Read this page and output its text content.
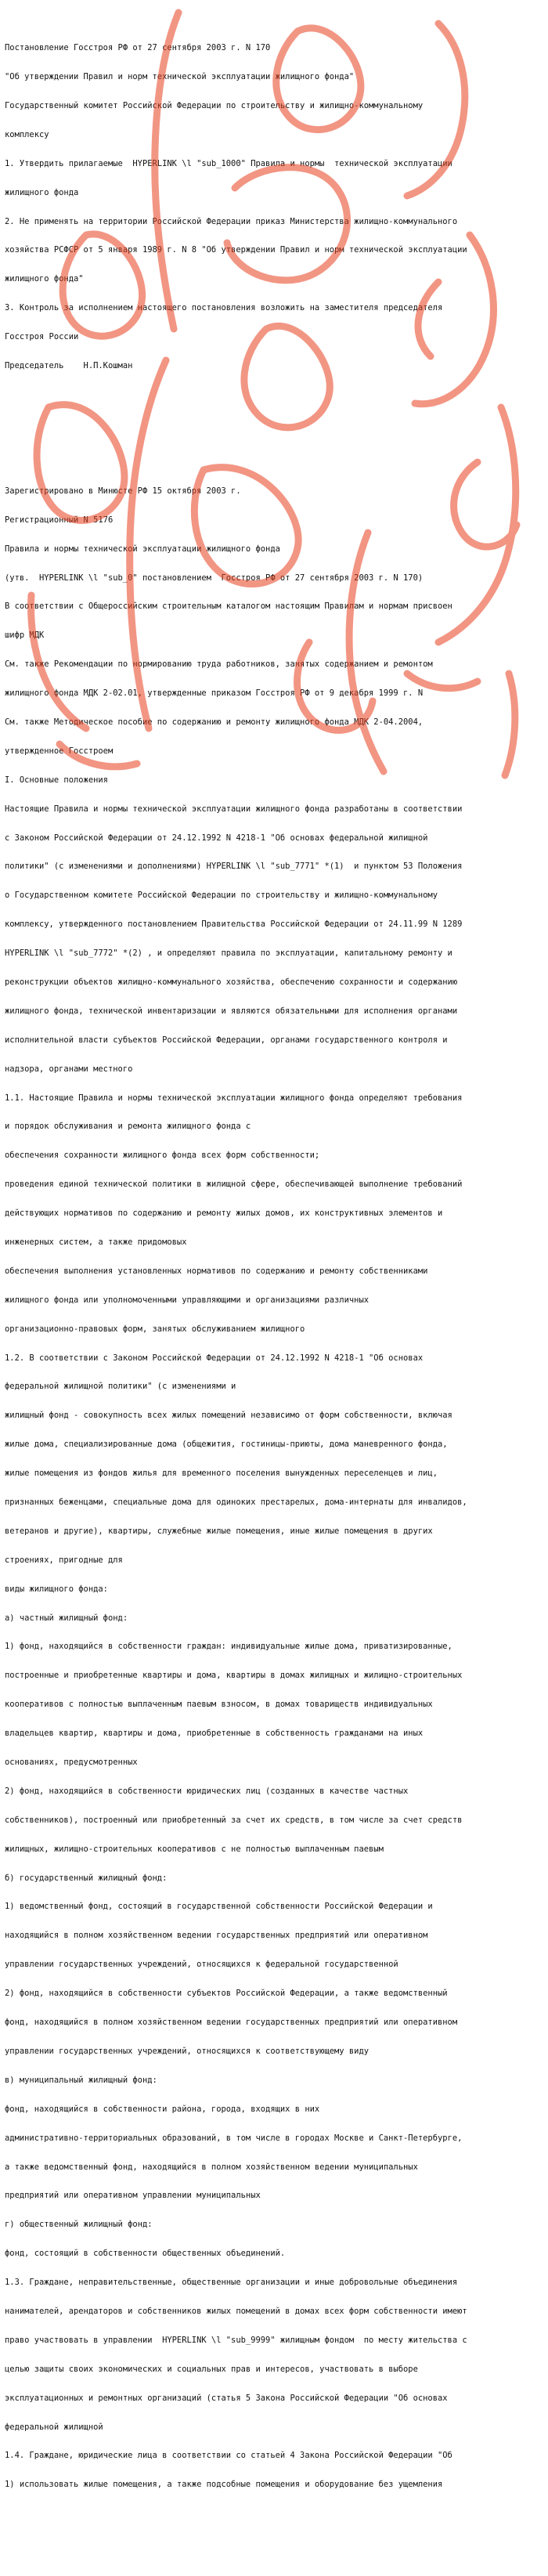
Постановление Госстроя РФ от 27 сентября 2003 г. N 170

"Об утверждении Правил и норм технической эксплуатации жилищного фонда"

Государственный комитет Российской Федерации по строительству и жилищно-коммунальному

комплексу

1. Утвердить прилагаемые  HYPERLINK \l "sub_1000" Правила и нормы  технической эксплуатации

жилищного фонда

2. Не применять на территории Российской Федерации приказ Министерства жилищно-коммунального

хозяйства РСФСР от 5 января 1989 г. N 8 "Об утверждении Правил и норм технической эксплуатации

жилищного фонда"

3. Контроль за исполнением настоящего постановления возложить на заместителя председателя

Госстроя России

Председатель	Н.П.Кошман

Зарегистрировано в Минюсте РФ 15 октября 2003 г.

Регистрационный N 5176

Правила и нормы технической эксплуатации жилищного фонда

(утв.  HYPERLINK \l "sub_0" постановлением  Госстроя РФ от 27 сентября 2003 г. N 170)

В соответствии с Общероссийским строительным каталогом настоящим Правилам и нормам присвоен

шифр МДК

См. также Рекомендации по нормированию труда работников, занятых содержанием и ремонтом

жилищного фонда МДК 2-02.01, утвержденные приказом Госстроя РФ от 9 декабря 1999 г. N

См. также Методическое пособие по содержанию и ремонту жилищного фонда МДК 2-04.2004,

утвержденное Госстроем

I. Основные положения

Настоящие Правила и нормы технической эксплуатации жилищного фонда разработаны в соответствии

с Законом Российской Федерации от 24.12.1992 N 4218-1 "Об основах федеральной жилищной

политики" (с изменениями и дополнениями) HYPERLINK \l "sub_7771" *(1)  и пунктом 53 Положения

о Государственном комитете Российской Федерации по строительству и жилищно-коммунальному

комплексу, утвержденного постановлением Правительства Российской Федерации от 24.11.99 N 1289

HYPERLINK \l "sub_7772" *(2) , и определяют правила по эксплуатации, капитальному ремонту и

реконструкции объектов жилищно-коммунального хозяйства, обеспечению сохранности и содержанию

жилищного фонда, технической инвентаризации и являются обязательными для исполнения органами

исполнительной власти субъектов Российской Федерации, органами государственного контроля и

надзора, органами местного

1.1. Настоящие Правила и нормы технической эксплуатации жилищного фонда определяют требования

и порядок обслуживания и ремонта жилищного фонда с

обеспечения сохранности жилищного фонда всех форм собственности;

проведения единой технической политики в жилищной сфере, обеспечивающей выполнение требований

действующих нормативов по содержанию и ремонту жилых домов, их конструктивных элементов и

инженерных систем, а также придомовых

обеспечения выполнения установленных нормативов по содержанию и ремонту собственниками

жилищного фонда или уполномоченными управляющими и организациями различных

организационно-правовых форм, занятых обслуживанием жилищного

1.2. В соответствии с Законом Российской Федерации от 24.12.1992 N 4218-1 "Об основах

федеральной жилищной политики" (с изменениями и

жилищный фонд - совокупность всех жилых помещений независимо от форм собственности, включая

жилые дома, специализированные дома (общежития, гостиницы-приюты, дома маневренного фонда,

жилые помещения из фондов жилья для временного поселения вынужденных переселенцев и лиц,

признанных беженцами, специальные дома для одиноких престарелых, дома-интернаты для инвалидов,

ветеранов и другие), квартиры, служебные жилые помещения, иные жилые помещения в других

строениях, пригодные для

виды жилищного фонда:

а) частный жилищный фонд:

1) фонд, находящийся в собственности граждан: индивидуальные жилые дома, приватизированные,

построенные и приобретенные квартиры и дома, квартиры в домах жилищных и жилищно-строительных

кооперативов с полностью выплаченным паевым взносом, в домах товариществ индивидуальных

владельцев квартир, квартиры и дома, приобретенные в собственность гражданами на иных

основаниях, предусмотренных

2) фонд, находящийся в собственности юридических лиц (созданных в качестве частных

собственников), построенный или приобретенный за счет их средств, в том числе за счет средств

жилищных, жилищно-строительных кооперативов с не полностью выплаченным паевым

б) государственный жилищный фонд:

1) ведомственный фонд, состоящий в государственной собственности Российской Федерации и

находящийся в полном хозяйственном ведении государственных предприятий или оперативном

управлении государственных учреждений, относящихся к федеральной государственной

2) фонд, находящийся в собственности субъектов Российской Федерации, а также ведомственный

фонд, находящийся в полном хозяйственном ведении государственных предприятий или оперативном

управлении государственных учреждений, относящихся к соответствующему виду

в) муниципальный жилищный фонд:

фонд, находящийся в собственности района, города, входящих в них

административно-территориальных образований, в том числе в городах Москве и Санкт-Петербурге,

а также ведомственный фонд, находящийся в полном хозяйственном ведении муниципальных

предприятий или оперативном управлении муниципальных

г) общественный жилищный фонд:

фонд, состоящий в собственности общественных объединений.

1.3. Граждане, неправительственные, общественные организации и иные добровольные объединения

нанимателей, арендаторов и собственников жилых помещений в домах всех форм собственности имеют

право участвовать в управлении  HYPERLINK \l "sub_9999" жилищным фондом  по месту жительства с

целью защиты своих экономических и социальных прав и интересов, участвовать в выборе

эксплуатационных и ремонтных организаций (статья 5 Закона Российской Федерации "Об основах

федеральной жилищной

1.4. Граждане, юридические лица в соответствии со статьей 4 Закона Российской Федерации "Об

1) использовать жилые помещения, а также подсобные помещения и оборудование без ущемления
